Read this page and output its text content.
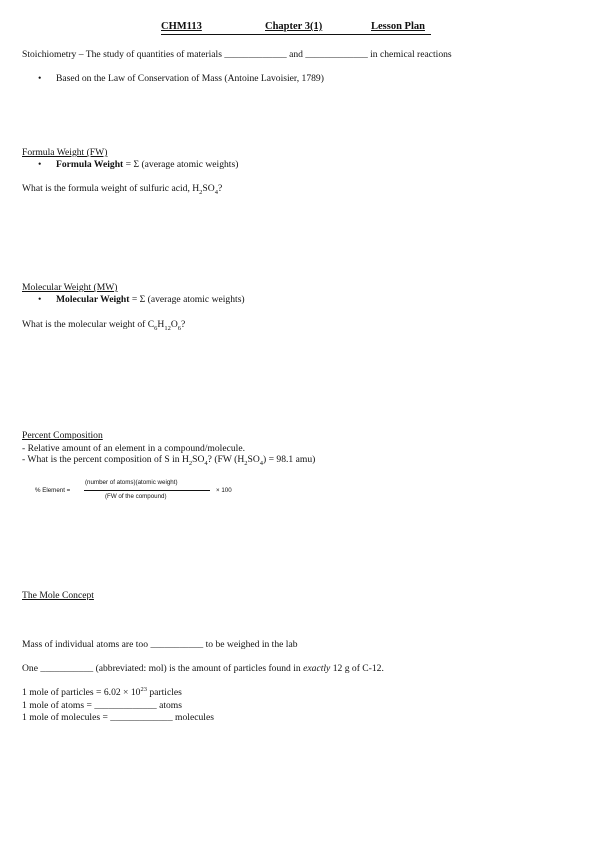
CHM113	Chapter 3(1)	Lesson Plan
Stoichiometry – The study of quantities of materials _____________ and _____________ in chemical reactions
• Based on the Law of Conservation of Mass (Antoine Lavoisier, 1789)
Formula Weight (FW)
• Formula Weight = Σ (average atomic weights)
What is the formula weight of sulfuric acid, $H_2SO_4$?
Molecular Weight (MW)
• Molecular Weight = Σ (average atomic weights)
What is the molecular weight of $C_6H_{12}O_6$?
Percent Composition
- Relative amount of an element in a compound/molecule.
- What is the percent composition of S in $H_2SO_4$? (FW $(H_2SO_4) = 98.1$ amu)
% Element =
(number of atoms)(atomic weight)
(FW of the compound)
× 100
The Mole Concept
Mass of individual atoms are too ___________ to be weighed in the lab
One ___________ (abbreviated: mol) is the amount of particles found in exactly 12 g of C-12.
1 mole of particles = $6.02 \times 10^{23}$ particles
1 mole of atoms = _____________ atoms
1 mole of molecules = _____________ molecules
